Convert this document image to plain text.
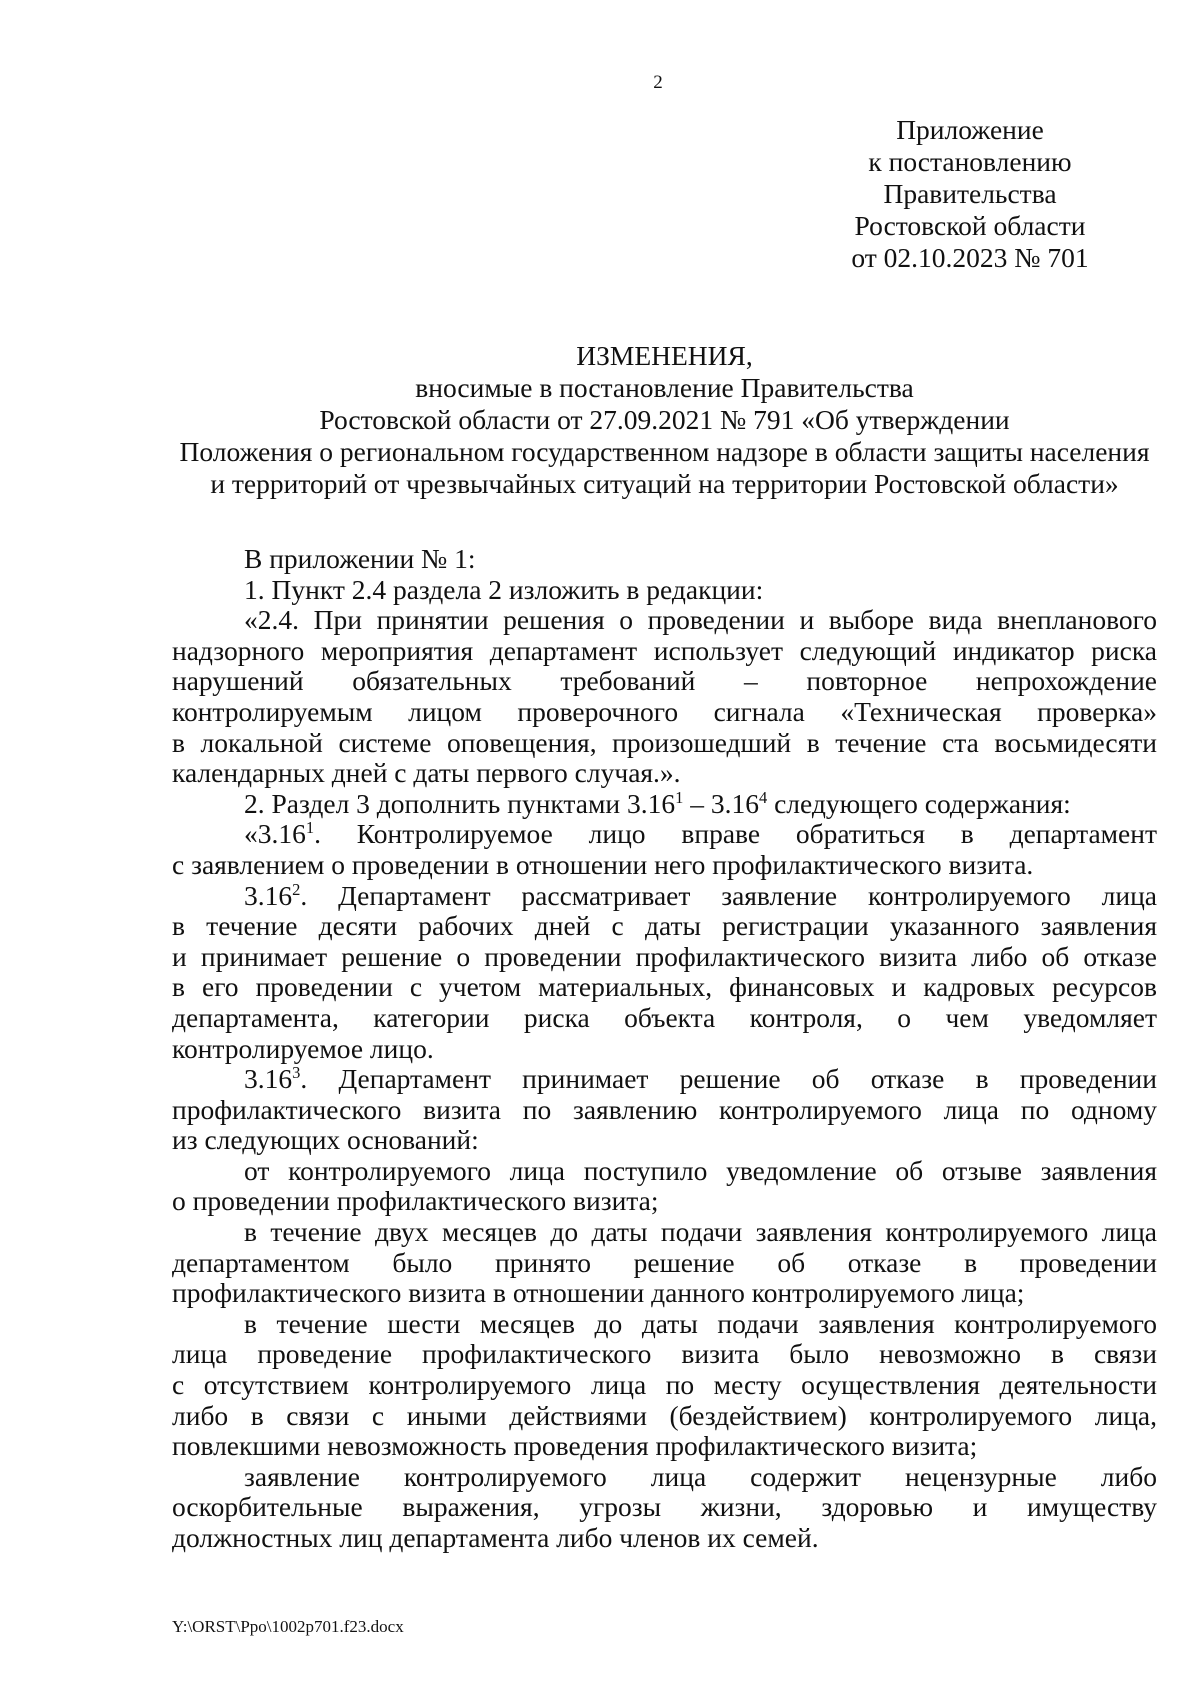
2
Приложение
к постановлению
Правительства
Ростовской области
от 02.10.2023 № 701
ИЗМЕНЕНИЯ,
вносимые в постановление Правительства
Ростовской области от 27.09.2021 № 791 «Об утверждении
Положения о региональном государственном надзоре в области защиты населения
и территорий от чрезвычайных ситуаций на территории Ростовской области»
В приложении № 1:
1. Пункт 2.4 раздела 2 изложить в редакции:
«2.4. При принятии решения о проведении и выборе вида внепланового
надзорного мероприятия департамент использует следующий индикатор риска
нарушений обязательных требований – повторное непрохождение
контролируемым лицом проверочного сигнала «Техническая проверка»
в локальной системе оповещения, произошедший в течение ста восьмидесяти
календарных дней с даты первого случая.».
2. Раздел 3 дополнить пунктами 3.16$^1$ – 3.16$^4$ следующего содержания:
«3.16$^1$. Контролируемое лицо вправе обратиться в департамент
с заявлением о проведении в отношении него профилактического визита.
3.16$^2$. Департамент рассматривает заявление контролируемого лица
в течение десяти рабочих дней с даты регистрации указанного заявления
и принимает решение о проведении профилактического визита либо об отказе
в его проведении с учетом материальных, финансовых и кадровых ресурсов
департамента, категории риска объекта контроля, о чем уведомляет
контролируемое лицо.
3.16$^3$. Департамент принимает решение об отказе в проведении
профилактического визита по заявлению контролируемого лица по одному
из следующих оснований:
от контролируемого лица поступило уведомление об отзыве заявления
о проведении профилактического визита;
в течение двух месяцев до даты подачи заявления контролируемого лица
департаментом было принято решение об отказе в проведении
профилактического визита в отношении данного контролируемого лица;
в течение шести месяцев до даты подачи заявления контролируемого
лица проведение профилактического визита было невозможно в связи
с отсутствием контролируемого лица по месту осуществления деятельности
либо в связи с иными действиями (бездействием) контролируемого лица,
повлекшими невозможность проведения профилактического визита;
заявление контролируемого лица содержит нецензурные либо
оскорбительные выражения, угрозы жизни, здоровью и имуществу
должностных лиц департамента либо членов их семей.
Y:\ORST\Ppo\1002p701.f23.docx
